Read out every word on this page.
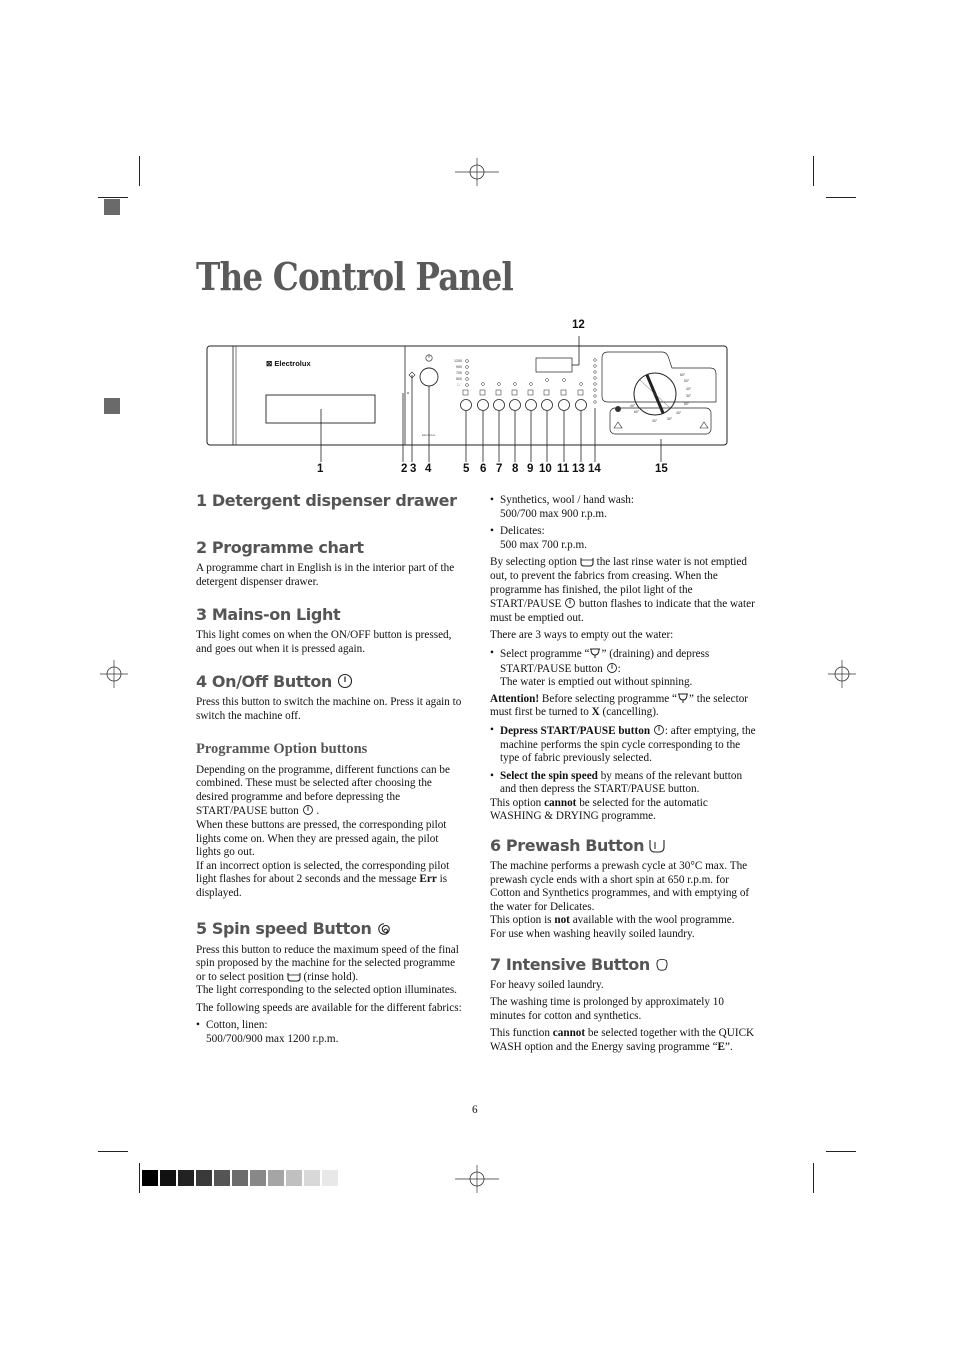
The Control Panel
⊠ Electrolux
Electrolux
1200
900
700
500
□
60°
50°
40°
30°
60°
40°
30°
30°
60°
40°
12
1	2 3 4	5 6 7 8 9 10 11 13 14	15

1 Detergent dispenser drawer

2 Programme chart

A programme chart in English is in the interior part of the detergent dispenser drawer.

3 Mains-on Light

This light comes on when the ON/OFF button is pressed, and goes out when it is pressed again.

4 On/Off Button

Press this button to switch the machine on. Press it again to switch the machine off.

Programme Option buttons

Depending on the programme, different functions can be combined. These must be selected after choosing the desired programme and before depressing the START/PAUSE button .

When these buttons are pressed, the corresponding pilot lights come on. When they are pressed again, the pilot lights go out.

If an incorrect option is selected, the corresponding pilot light flashes for about 2 seconds and the message Err is displayed.

5 Spin speed Button

Press this button to reduce the maximum speed of the final spin proposed by the machine for the selected programme or to select position (rinse hold).

The light corresponding to the selected option illuminates.

The following speeds are available for the different fabrics:

• Cotton, linen:
500/700/900 max 1200 r.p.m.
• Synthetics, wool / hand wash:
500/700 max 900 r.p.m.
• Delicates:
500 max 700 r.p.m.

By selecting option the last rinse water is not emptied out, to prevent the fabrics from creasing. When the programme has finished, the pilot light of the START/PAUSE button flashes to indicate that the water must be emptied out.

There are 3 ways to empty out the water:

• Select programme “ ” (draining) and depress START/PAUSE button :
The water is emptied out without spinning.

Attention! Before selecting programme “ ” the selector must first be turned to X (cancelling).

• Depress START/PAUSE button : after emptying, the machine performs the spin cycle corresponding to the type of fabric previously selected.
• Select the spin speed by means of the relevant button and then depress the START/PAUSE button.

This option cannot be selected for the automatic WASHING & DRYING programme.

6 Prewash Button

The machine performs a prewash cycle at 30°C max. The prewash cycle ends with a short spin at 650 r.p.m. for Cotton and Synthetics programmes, and with emptying of the water for Delicates.

This option is not available with the wool programme.

For use when washing heavily soiled laundry.

7 Intensive Button

For heavy soiled laundry.

The washing time is prolonged by approximately 10 minutes for cotton and synthetics.

This function cannot be selected together with the QUICK WASH option and the Energy saving programme “E”.

6
